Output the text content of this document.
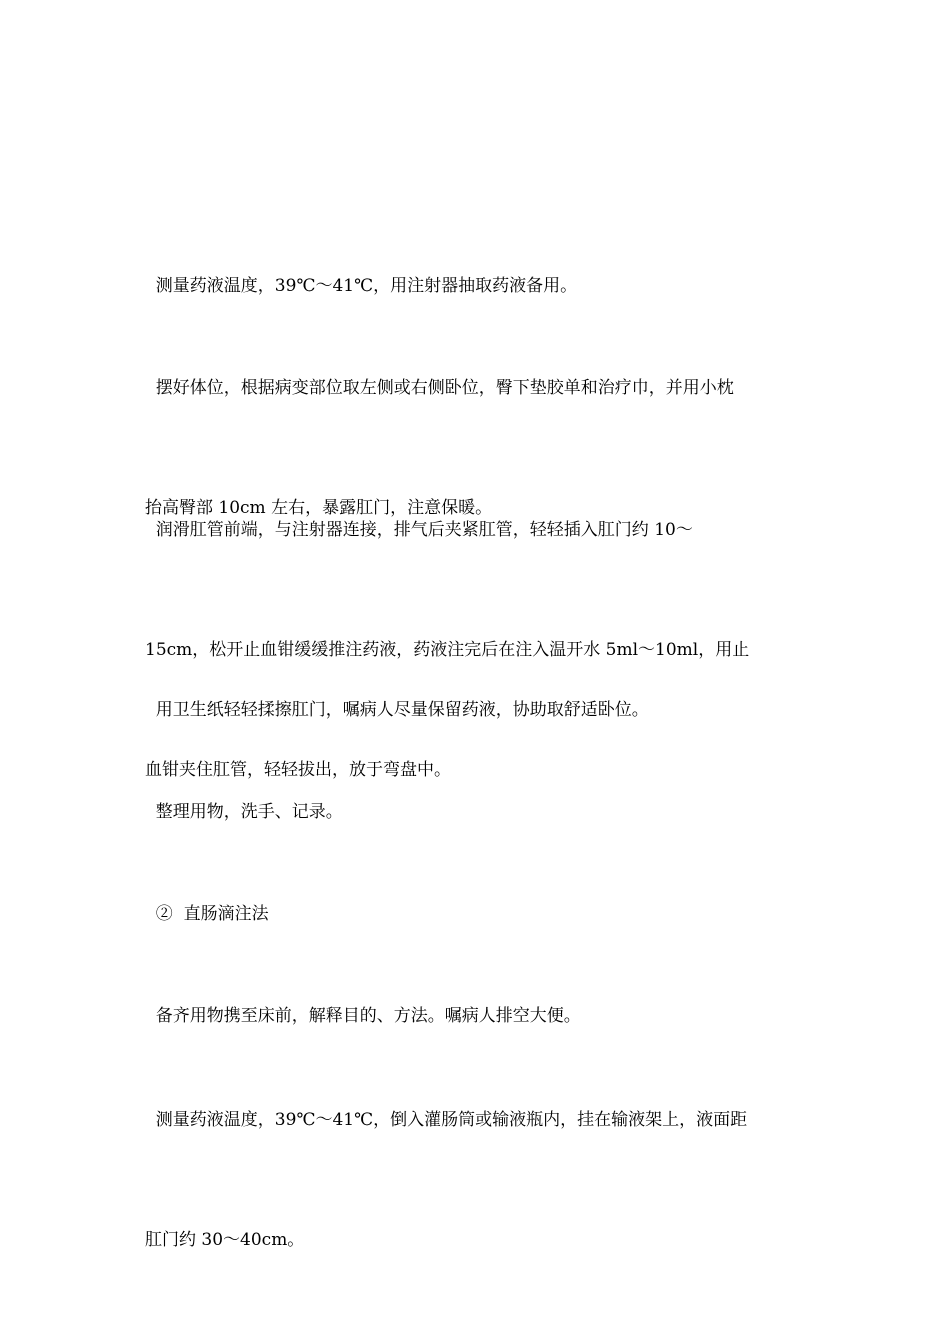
测量药液温度，39℃～41℃，用注射器抽取药液备用。

摆好体位，根据病变部位取左侧或右侧卧位，臀下垫胶单和治疗巾，并用小枕

抬高臀部 10cm 左右，暴露肛门，注意保暖。

润滑肛管前端，与注射器连接，排气后夹紧肛管，轻轻插入肛门约 10～

15cm，松开止血钳缓缓推注药液，药液注完后在注入温开水 5ml～10ml，用止

血钳夹住肛管，轻轻拔出，放于弯盘中。

用卫生纸轻轻揉擦肛门，嘱病人尽量保留药液，协助取舒适卧位。

整理用物，洗手、记录。

②  直肠滴注法

备齐用物携至床前，解释目的、方法。嘱病人排空大便。

测量药液温度，39℃～41℃，倒入灌肠筒或输液瓶内，挂在输液架上，液面距

肛门约 30～40cm。
